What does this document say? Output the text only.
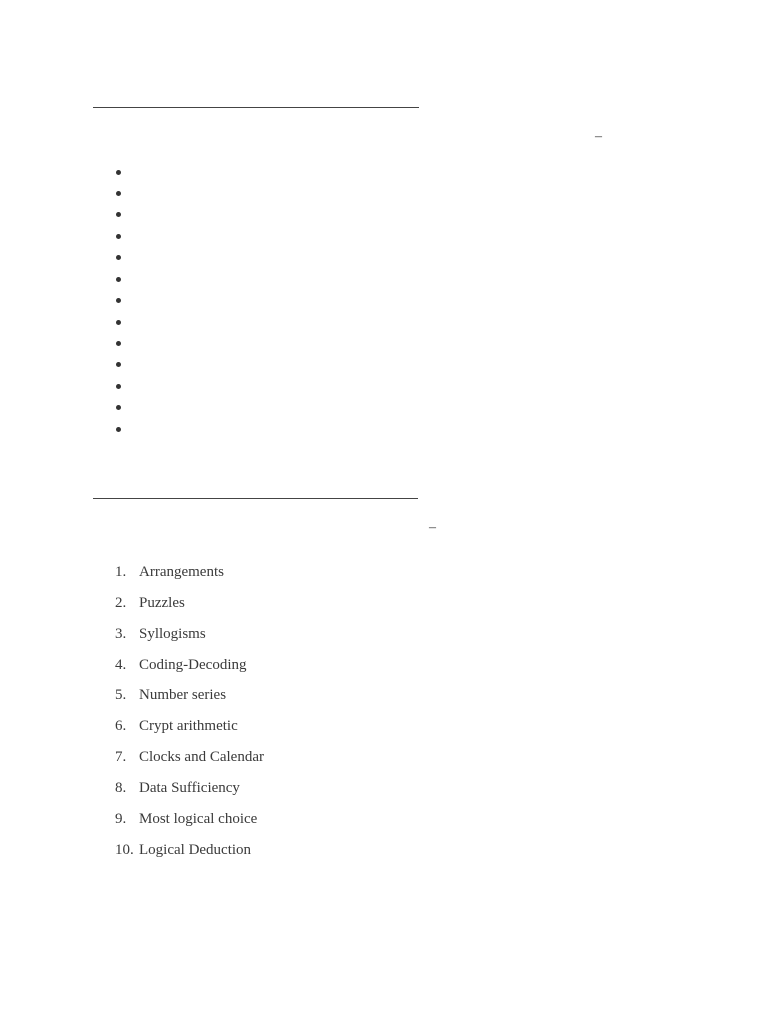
–
–
1. Arrangements
2. Puzzles
3. Syllogisms
4. Coding-Decoding
5. Number series
6. Crypt arithmetic
7. Clocks and Calendar
8. Data Sufficiency
9. Most logical choice
10. Logical Deduction
